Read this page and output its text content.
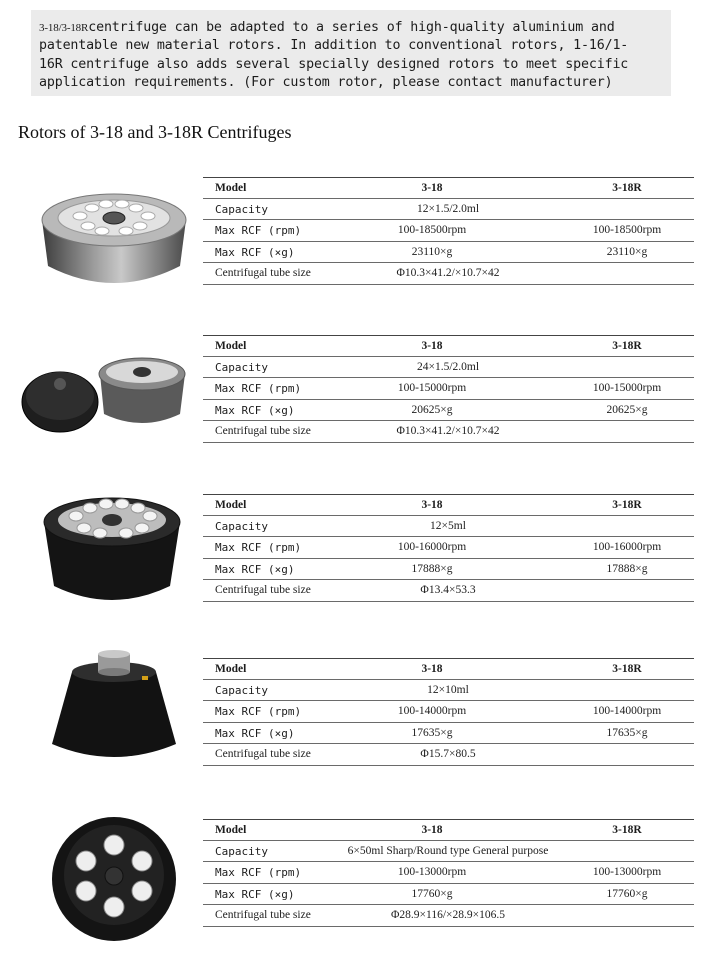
3-18/3-18Rcentrifuge can be adapted to a series of high-quality aluminium and
patentable new material rotors. In addition to conventional rotors, 1-16/1-
16R centrifuge also adds several specially designed rotors to meet specific
application requirements. (For custom rotor, please contact manufacturer)
Rotors of 3-18 and 3-18R Centrifuges
Model	3-18	3-18R
Capacity	12×1.5/2.0ml
Max RCF (rpm)	100-18500rpm	100-18500rpm
Max RCF (×g)	23110×g	23110×g
Centrifugal tube size	Φ10.3×41.2/×10.7×42
Model	3-18	3-18R
Capacity	24×1.5/2.0ml
Max RCF (rpm)	100-15000rpm	100-15000rpm
Max RCF (×g)	20625×g	20625×g
Centrifugal tube size	Φ10.3×41.2/×10.7×42
Model	3-18	3-18R
Capacity	12×5ml
Max RCF (rpm)	100-16000rpm	100-16000rpm
Max RCF (×g)	17888×g	17888×g
Centrifugal tube size	Φ13.4×53.3
Model	3-18	3-18R
Capacity	12×10ml
Max RCF (rpm)	100-14000rpm	100-14000rpm
Max RCF (×g)	17635×g	17635×g
Centrifugal tube size	Φ15.7×80.5
Model	3-18	3-18R
Capacity	6×50ml Sharp/Round type General purpose
Max RCF (rpm)	100-13000rpm	100-13000rpm
Max RCF (×g)	17760×g	17760×g
Centrifugal tube size	Φ28.9×116/×28.9×106.5
